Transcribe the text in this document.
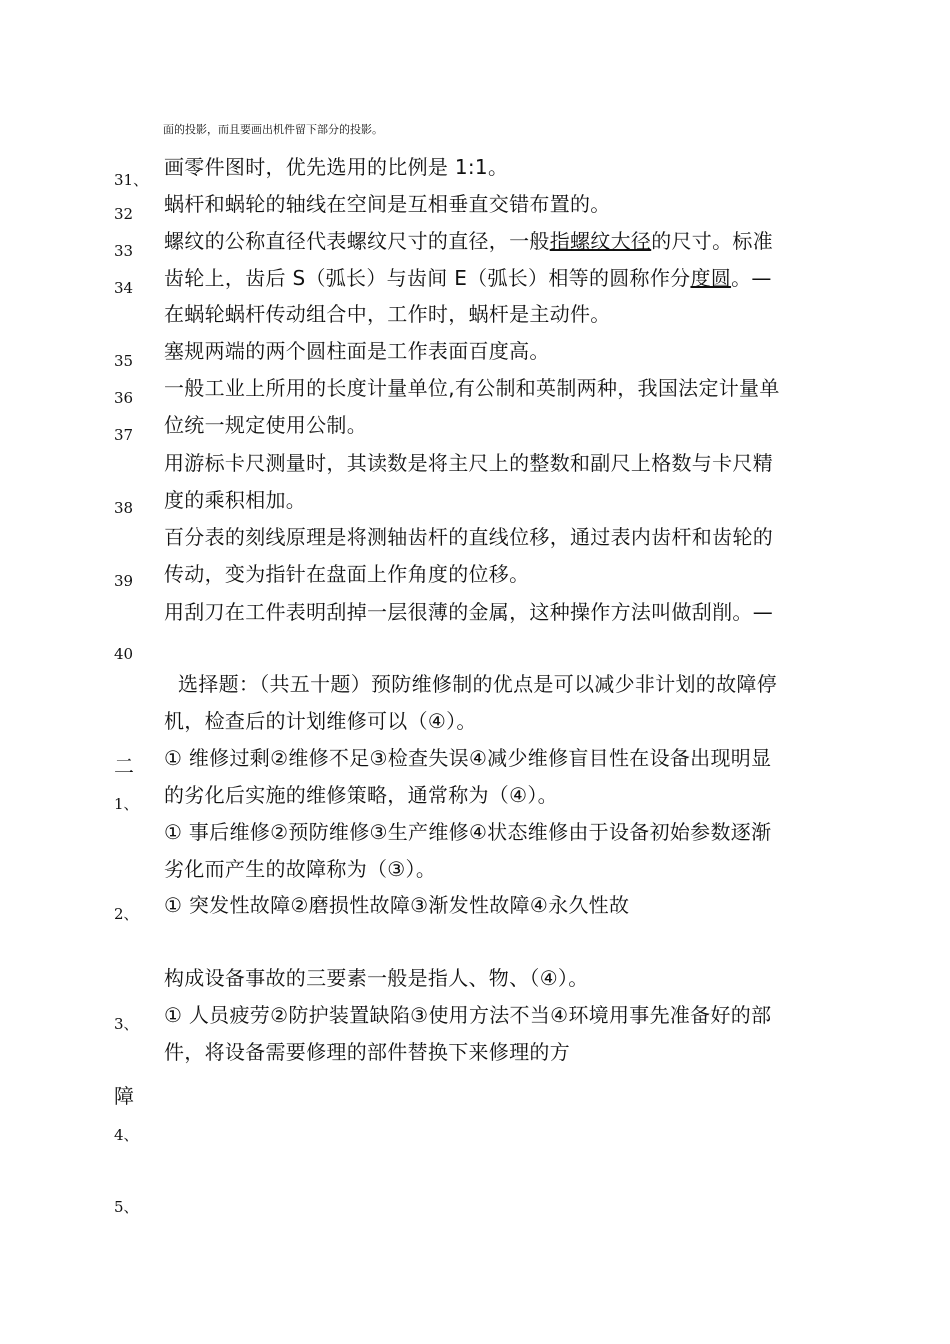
面的投影，而且要画出机件留下部分的投影。
31、
32
33
34
35
36
37
38
39
40
二
1、
2、
3、
障
4、
5、
画零件图时，优先选用的比例是 1:1。
蜗杆和蜗轮的轴线在空间是互相垂直交错布置的。
螺纹的公称直径代表螺纹尺寸的直径，一般指螺纹大径的尺寸。标准
齿轮上，齿后 S（弧长）与齿间 E（弧长）相等的圆称作分度圆。—
在蜗轮蜗杆传动组合中，工作时，蜗杆是主动件。
塞规两端的两个圆柱面是工作表面百度高。
一般工业上所用的长度计量单位,有公制和英制两种，我国法定计量单
位统一规定使用公制。
用游标卡尺测量时，其读数是将主尺上的整数和副尺上格数与卡尺精
度的乘积相加。
百分表的刻线原理是将测轴齿杆的直线位移，通过表内齿杆和齿轮的
传动，变为指针在盘面上作角度的位移。
用刮刀在工件表明刮掉一层很薄的金属，这种操作方法叫做刮削。—
选择题：（共五十题）预防维修制的优点是可以减少非计划的故障停
机，检查后的计划维修可以（④）。
① 维修过剩②维修不足③检查失误④减少维修盲目性在设备出现明显
的劣化后实施的维修策略，通常称为（④）。
① 事后维修②预防维修③生产维修④状态维修由于设备初始参数逐渐
劣化而产生的故障称为（③）。
① 突发性故障②磨损性故障③渐发性故障④永久性故
构成设备事故的三要素一般是指人、物、（④）。
① 人员疲劳②防护装置缺陷③使用方法不当④环境用事先准备好的部
件，将设备需要修理的部件替换下来修理的方
